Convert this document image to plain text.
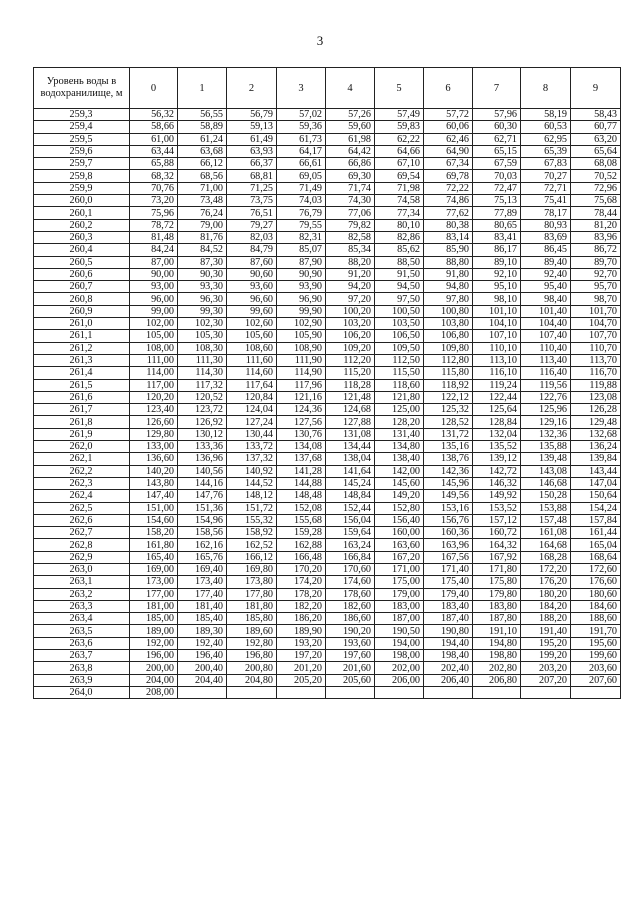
3
Уровень воды в водохранилище, м	0	1	2	3	4	5	6	7	8	9
259,3	56,32	56,55	56,79	57,02	57,26	57,49	57,72	57,96	58,19	58,43
259,4	58,66	58,89	59,13	59,36	59,60	59,83	60,06	60,30	60,53	60,77
259,5	61,00	61,24	61,49	61,73	61,98	62,22	62,46	62,71	62,95	63,20
259,6	63,44	63,68	63,93	64,17	64,42	64,66	64,90	65,15	65,39	65,64
259,7	65,88	66,12	66,37	66,61	66,86	67,10	67,34	67,59	67,83	68,08
259,8	68,32	68,56	68,81	69,05	69,30	69,54	69,78	70,03	70,27	70,52
259,9	70,76	71,00	71,25	71,49	71,74	71,98	72,22	72,47	72,71	72,96
260,0	73,20	73,48	73,75	74,03	74,30	74,58	74,86	75,13	75,41	75,68
260,1	75,96	76,24	76,51	76,79	77,06	77,34	77,62	77,89	78,17	78,44
260,2	78,72	79,00	79,27	79,55	79,82	80,10	80,38	80,65	80,93	81,20
260,3	81,48	81,76	82,03	82,31	82,58	82,86	83,14	83,41	83,69	83,96
260,4	84,24	84,52	84,79	85,07	85,34	85,62	85,90	86,17	86,45	86,72
260,5	87,00	87,30	87,60	87,90	88,20	88,50	88,80	89,10	89,40	89,70
260,6	90,00	90,30	90,60	90,90	91,20	91,50	91,80	92,10	92,40	92,70
260,7	93,00	93,30	93,60	93,90	94,20	94,50	94,80	95,10	95,40	95,70
260,8	96,00	96,30	96,60	96,90	97,20	97,50	97,80	98,10	98,40	98,70
260,9	99,00	99,30	99,60	99,90	100,20	100,50	100,80	101,10	101,40	101,70
261,0	102,00	102,30	102,60	102,90	103,20	103,50	103,80	104,10	104,40	104,70
261,1	105,00	105,30	105,60	105,90	106,20	106,50	106,80	107,10	107,40	107,70
261,2	108,00	108,30	108,60	108,90	109,20	109,50	109,80	110,10	110,40	110,70
261,3	111,00	111,30	111,60	111,90	112,20	112,50	112,80	113,10	113,40	113,70
261,4	114,00	114,30	114,60	114,90	115,20	115,50	115,80	116,10	116,40	116,70
261,5	117,00	117,32	117,64	117,96	118,28	118,60	118,92	119,24	119,56	119,88
261,6	120,20	120,52	120,84	121,16	121,48	121,80	122,12	122,44	122,76	123,08
261,7	123,40	123,72	124,04	124,36	124,68	125,00	125,32	125,64	125,96	126,28
261,8	126,60	126,92	127,24	127,56	127,88	128,20	128,52	128,84	129,16	129,48
261,9	129,80	130,12	130,44	130,76	131,08	131,40	131,72	132,04	132,36	132,68
262,0	133,00	133,36	133,72	134,08	134,44	134,80	135,16	135,52	135,88	136,24
262,1	136,60	136,96	137,32	137,68	138,04	138,40	138,76	139,12	139,48	139,84
262,2	140,20	140,56	140,92	141,28	141,64	142,00	142,36	142,72	143,08	143,44
262,3	143,80	144,16	144,52	144,88	145,24	145,60	145,96	146,32	146,68	147,04
262,4	147,40	147,76	148,12	148,48	148,84	149,20	149,56	149,92	150,28	150,64
262,5	151,00	151,36	151,72	152,08	152,44	152,80	153,16	153,52	153,88	154,24
262,6	154,60	154,96	155,32	155,68	156,04	156,40	156,76	157,12	157,48	157,84
262,7	158,20	158,56	158,92	159,28	159,64	160,00	160,36	160,72	161,08	161,44
262,8	161,80	162,16	162,52	162,88	163,24	163,60	163,96	164,32	164,68	165,04
262,9	165,40	165,76	166,12	166,48	166,84	167,20	167,56	167,92	168,28	168,64
263,0	169,00	169,40	169,80	170,20	170,60	171,00	171,40	171,80	172,20	172,60
263,1	173,00	173,40	173,80	174,20	174,60	175,00	175,40	175,80	176,20	176,60
263,2	177,00	177,40	177,80	178,20	178,60	179,00	179,40	179,80	180,20	180,60
263,3	181,00	181,40	181,80	182,20	182,60	183,00	183,40	183,80	184,20	184,60
263,4	185,00	185,40	185,80	186,20	186,60	187,00	187,40	187,80	188,20	188,60
263,5	189,00	189,30	189,60	189,90	190,20	190,50	190,80	191,10	191,40	191,70
263,6	192,00	192,40	192,80	193,20	193,60	194,00	194,40	194,80	195,20	195,60
263,7	196,00	196,40	196,80	197,20	197,60	198,00	198,40	198,80	199,20	199,60
263,8	200,00	200,40	200,80	201,20	201,60	202,00	202,40	202,80	203,20	203,60
263,9	204,00	204,40	204,80	205,20	205,60	206,00	206,40	206,80	207,20	207,60
264,0	208,00									
